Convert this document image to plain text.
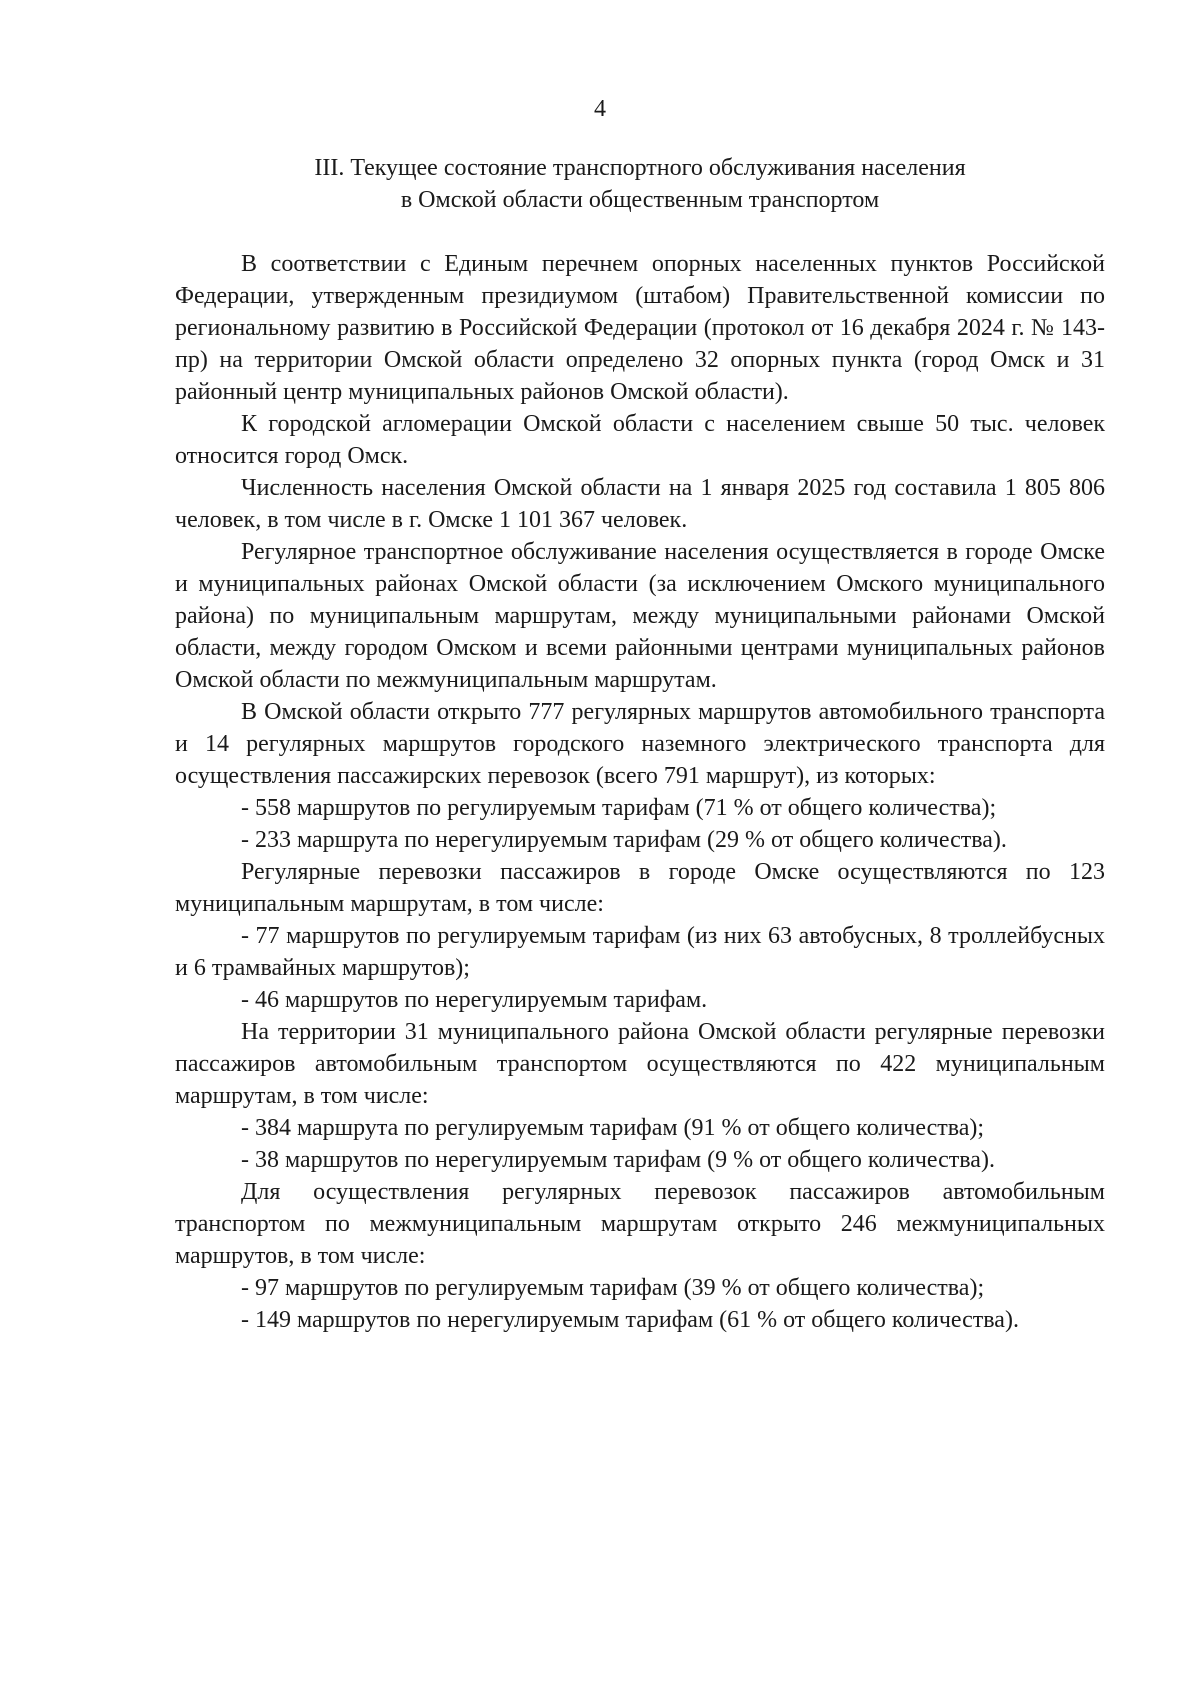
4
III. Текущее состояние транспортного обслуживания населения
в Омской области общественным транспортом

В соответствии с Единым перечнем опорных населенных пунктов Российской Федерации, утвержденным президиумом (штабом) Правительственной комиссии по региональному развитию в Российской Федерации (протокол от 16 декабря 2024 г. № 143-пр) на территории Омской области определено 32 опорных пункта (город Омск и 31 районный центр муниципальных районов Омской области).

К городской агломерации Омской области с населением свыше 50 тыс. человек относится город Омск.

Численность населения Омской области на 1 января 2025 год составила 1 805 806 человек, в том числе в г. Омске 1 101 367 человек.

Регулярное транспортное обслуживание населения осуществляется в городе Омске и муниципальных районах Омской области (за исключением Омского муниципального района) по муниципальным маршрутам, между муниципальными районами Омской области, между городом Омском и всеми районными центрами муниципальных районов Омской области по межмуниципальным маршрутам.

В Омской области открыто 777 регулярных маршрутов автомобильного транспорта и 14 регулярных маршрутов городского наземного электрического транспорта для осуществления пассажирских перевозок (всего 791 маршрут), из которых:

- 558 маршрутов по регулируемым тарифам (71 % от общего количества);

- 233 маршрута по нерегулируемым тарифам (29 % от общего количества).

Регулярные перевозки пассажиров в городе Омске осуществляются по 123 муниципальным маршрутам, в том числе:

- 77 маршрутов по регулируемым тарифам (из них 63 автобусных, 8 троллейбусных и 6 трамвайных маршрутов);

- 46 маршрутов по нерегулируемым тарифам.

На территории 31 муниципального района Омской области регулярные перевозки пассажиров автомобильным транспортом осуществляются по 422 муниципальным маршрутам, в том числе:

- 384 маршрута по регулируемым тарифам (91 % от общего количества);

- 38 маршрутов по нерегулируемым тарифам (9 % от общего количества).

Для осуществления регулярных перевозок пассажиров автомобильным транспортом по межмуниципальным маршрутам открыто 246 межмуниципальных маршрутов, в том числе:

- 97 маршрутов по регулируемым тарифам (39 % от общего количества);

- 149 маршрутов по нерегулируемым тарифам (61 % от общего количества).
